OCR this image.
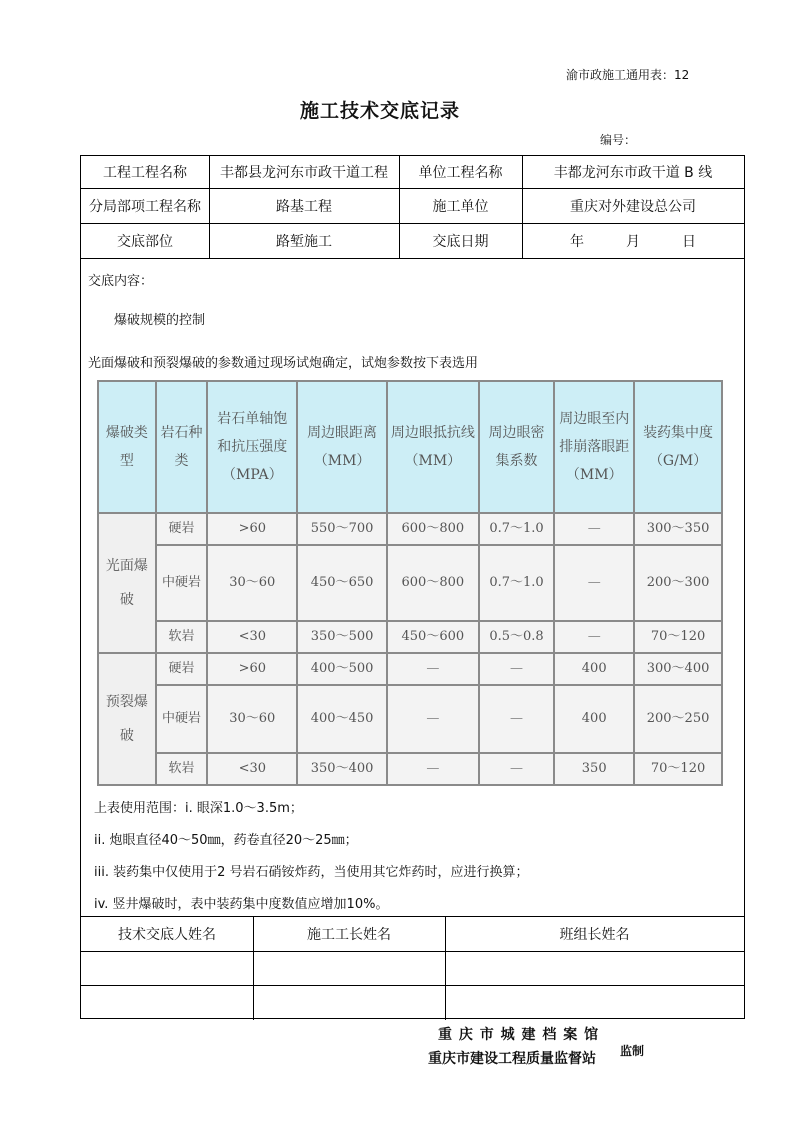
渝市政施工通用表：12
施工技术交底记录
编号：
工程工程名称	丰都县龙河东市政干道工程	单位工程名称	丰都龙河东市政干道 B 线
分局部项工程名称	路基工程	施工单位	重庆对外建设总公司
交底部位	路堑施工	交底日期	年　　　月　　　日
交底内容：
爆破规模的控制
光面爆破和预裂爆破的参数通过现场试炮确定，试炮参数按下表选用
爆破类型	岩石种类	岩石单轴饱和抗压强度（MPA）	周边眼距离（MM）	周边眼抵抗线（MM）	周边眼密集系数	周边眼至内排崩落眼距（MM）	装药集中度（G/M）
光面爆破	硬岩	>60	550～700	600～800	0.7～1.0	—	300～350
	中硬岩	30～60	450～650	600～800	0.7～1.0	—	200～300
	软岩	<30	350～500	450～600	0.5～0.8	—	70～120
预裂爆破	硬岩	>60	400～500	—	—	400	300～400
	中硬岩	30～60	400～450	—	—	400	200～250
	软岩	<30	350～400	—	—	350	70～120
上表使用范围：i. 眼深1.0～3.5m；
ii. 炮眼直径40～50㎜，药卷直径20～25㎜；
iii. 装药集中仅使用于2 号岩石硝铵炸药，当使用其它炸药时，应进行换算；
iv. 竖井爆破时，表中装药集中度数值应增加10%。
技术交底人姓名	施工工长姓名	班组长姓名
重 庆 市 城 建 档 案 馆
重庆市建设工程质量监督站 监制
